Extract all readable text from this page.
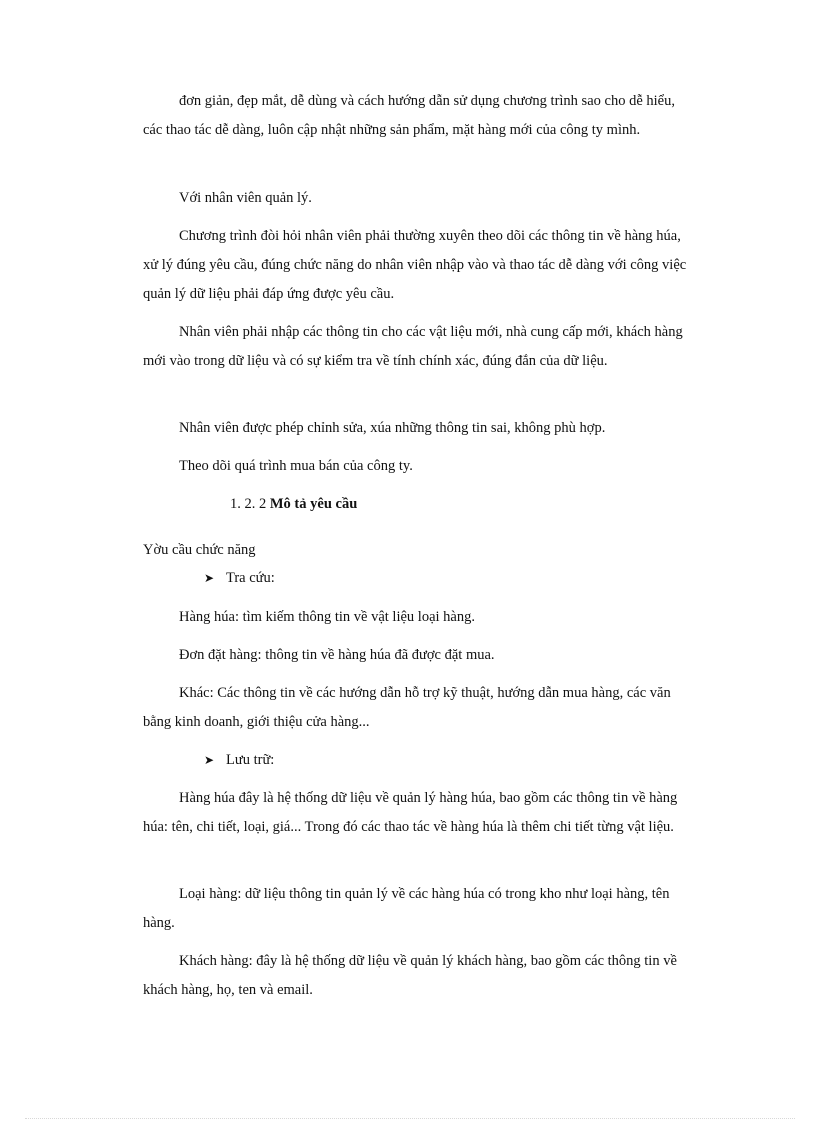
đơn giản, đẹp mắt, dễ dùng và cách hướng dẫn sử dụng chương trình sao cho dễ hiểu, các thao tác dễ dàng, luôn cập nhật những sản phẩm, mặt hàng mới của công ty mình.

Với nhân viên quản lý.

Chương trình đòi hỏi nhân viên phải thường xuyên theo dõi các thông tin về hàng húa, xử lý đúng yêu cầu, đúng chức năng do nhân viên nhập vào và thao tác dễ dàng với công việc quản lý dữ liệu phải đáp ứng được yêu cầu.

Nhân viên phải nhập các thông tin cho các vật liệu mới, nhà cung cấp mới, khách hàng mới vào trong dữ liệu và có sự kiểm tra về tính chính xác, đúng đắn của dữ liệu.

Nhân viên được phép chỉnh sửa, xúa những thông tin sai, không phù hợp.

Theo dõi quá trình mua bán của công ty.

1. 2. 2 Mô tả yêu cầu

Yờu cầu chức năng

➤ Tra cứu:

Hàng húa: tìm kiếm thông tin về vật liệu loại hàng.

Đơn đặt hàng: thông tin về hàng húa đã được đặt mua.

Khác: Các thông tin về các hướng dẫn hỗ trợ kỹ thuật, hướng dẫn mua hàng, các văn bằng kinh doanh, giới thiệu cửa hàng...

➤ Lưu trữ:

Hàng húa đây là hệ thống dữ liệu về quản lý hàng húa, bao gồm các thông tin về hàng húa: tên, chi tiết, loại, giá... Trong đó các thao tác về hàng húa là thêm chi tiết từng vật liệu.

Loại hàng: dữ liệu thông tin quản lý về các hàng húa có trong kho như loại hàng, tên hàng.

Khách hàng: đây là hệ thống dữ liệu về quản lý khách hàng, bao gồm các thông tin về khách hàng, họ, ten và email.
